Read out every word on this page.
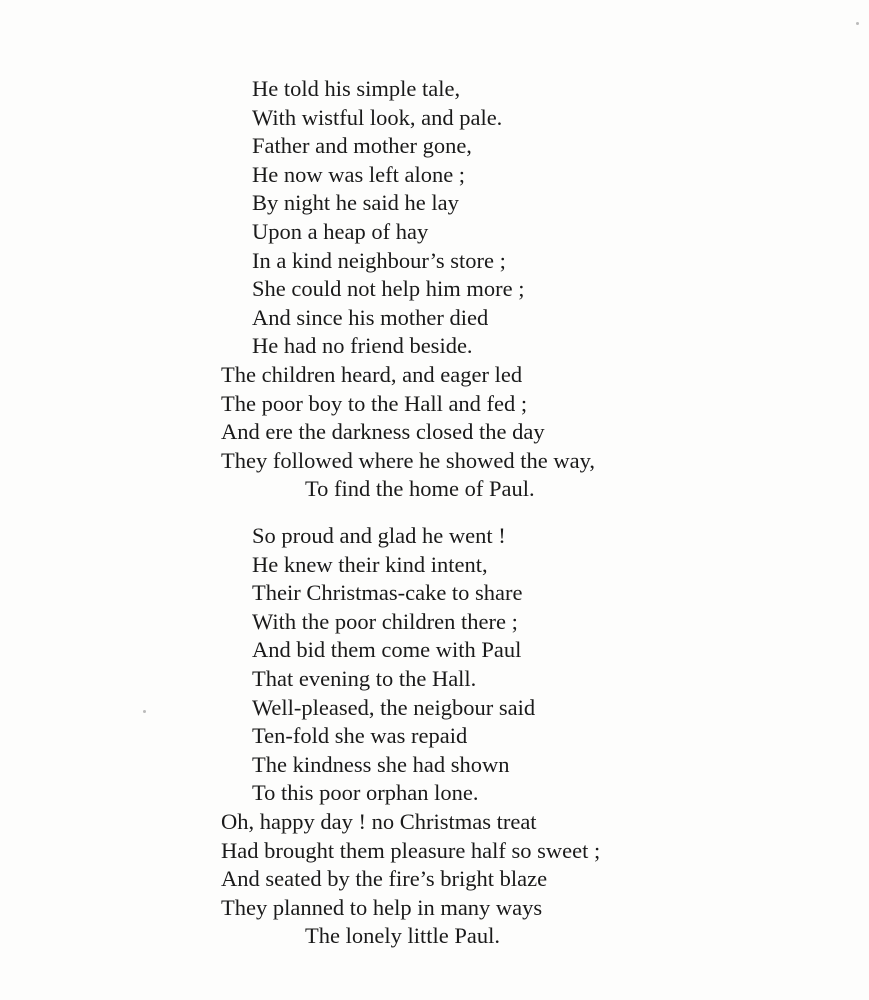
He told his simple tale,
With wistful look, and pale.
Father and mother gone,
He now was left alone ;
By night he said he lay
Upon a heap of hay
In a kind neighbour’s store ;
She could not help him more ;
And since his mother died
He had no friend beside.
The children heard, and eager led
The poor boy to the Hall and fed ;
And ere the darkness closed the day
They followed where he showed the way,
To find the home of Paul.
So proud and glad he went !
He knew their kind intent,
Their Christmas-cake to share
With the poor children there ;
And bid them come with Paul
That evening to the Hall.
Well-pleased, the neigbour said
Ten-fold she was repaid
The kindness she had shown
To this poor orphan lone.
Oh, happy day ! no Christmas treat
Had brought them pleasure half so sweet ;
And seated by the fire’s bright blaze
They planned to help in many ways
The lonely little Paul.
